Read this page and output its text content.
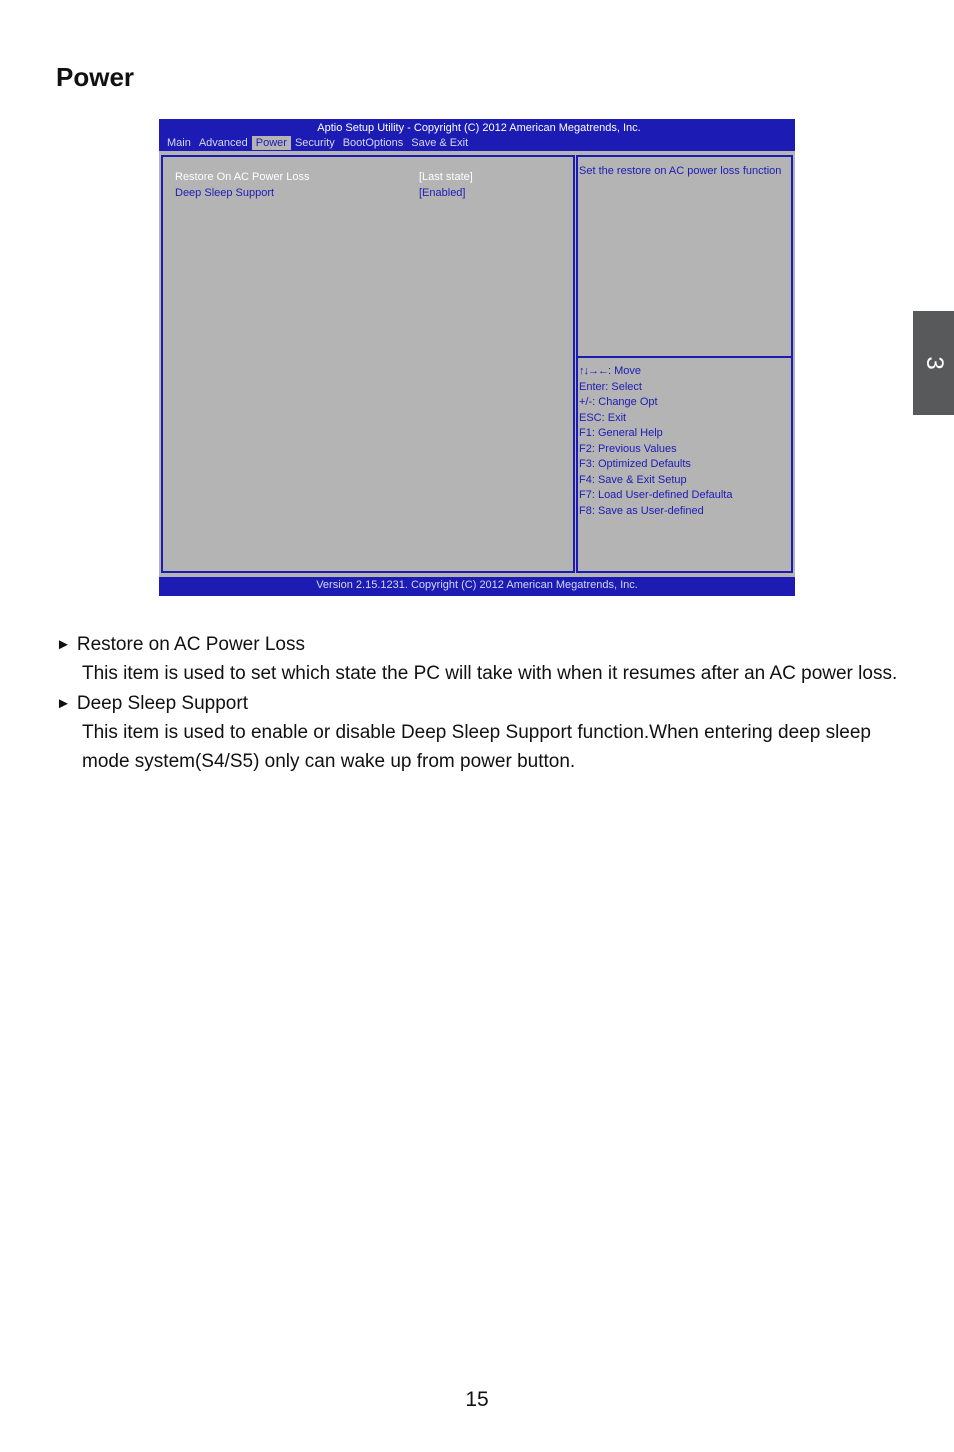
Power
3
Aptio Setup Utility - Copyright (C) 2012 American Megatrends, Inc.
Main Advanced Power Security BootOptions Save & Exit
Restore On AC Power Loss	[Last state]
Deep Sleep Support	[Enabled]
Set the restore on AC power loss function
↑↓→←: Move
Enter: Select
+/-: Change Opt
ESC: Exit
F1: General Help
F2: Previous Values
F3: Optimized Defaults
F4: Save & Exit Setup
F7: Load User-defined Defaulta
F8: Save as User-defined
Version 2.15.1231. Copyright (C) 2012 American Megatrends, Inc.
► Restore on AC Power Loss
This item is used to set which state the PC will take with when it resumes after an AC power loss.
► Deep Sleep Support
This item is used to enable or disable Deep Sleep Support function.When entering deep sleep mode system(S4/S5) only can wake up from power button.
15
